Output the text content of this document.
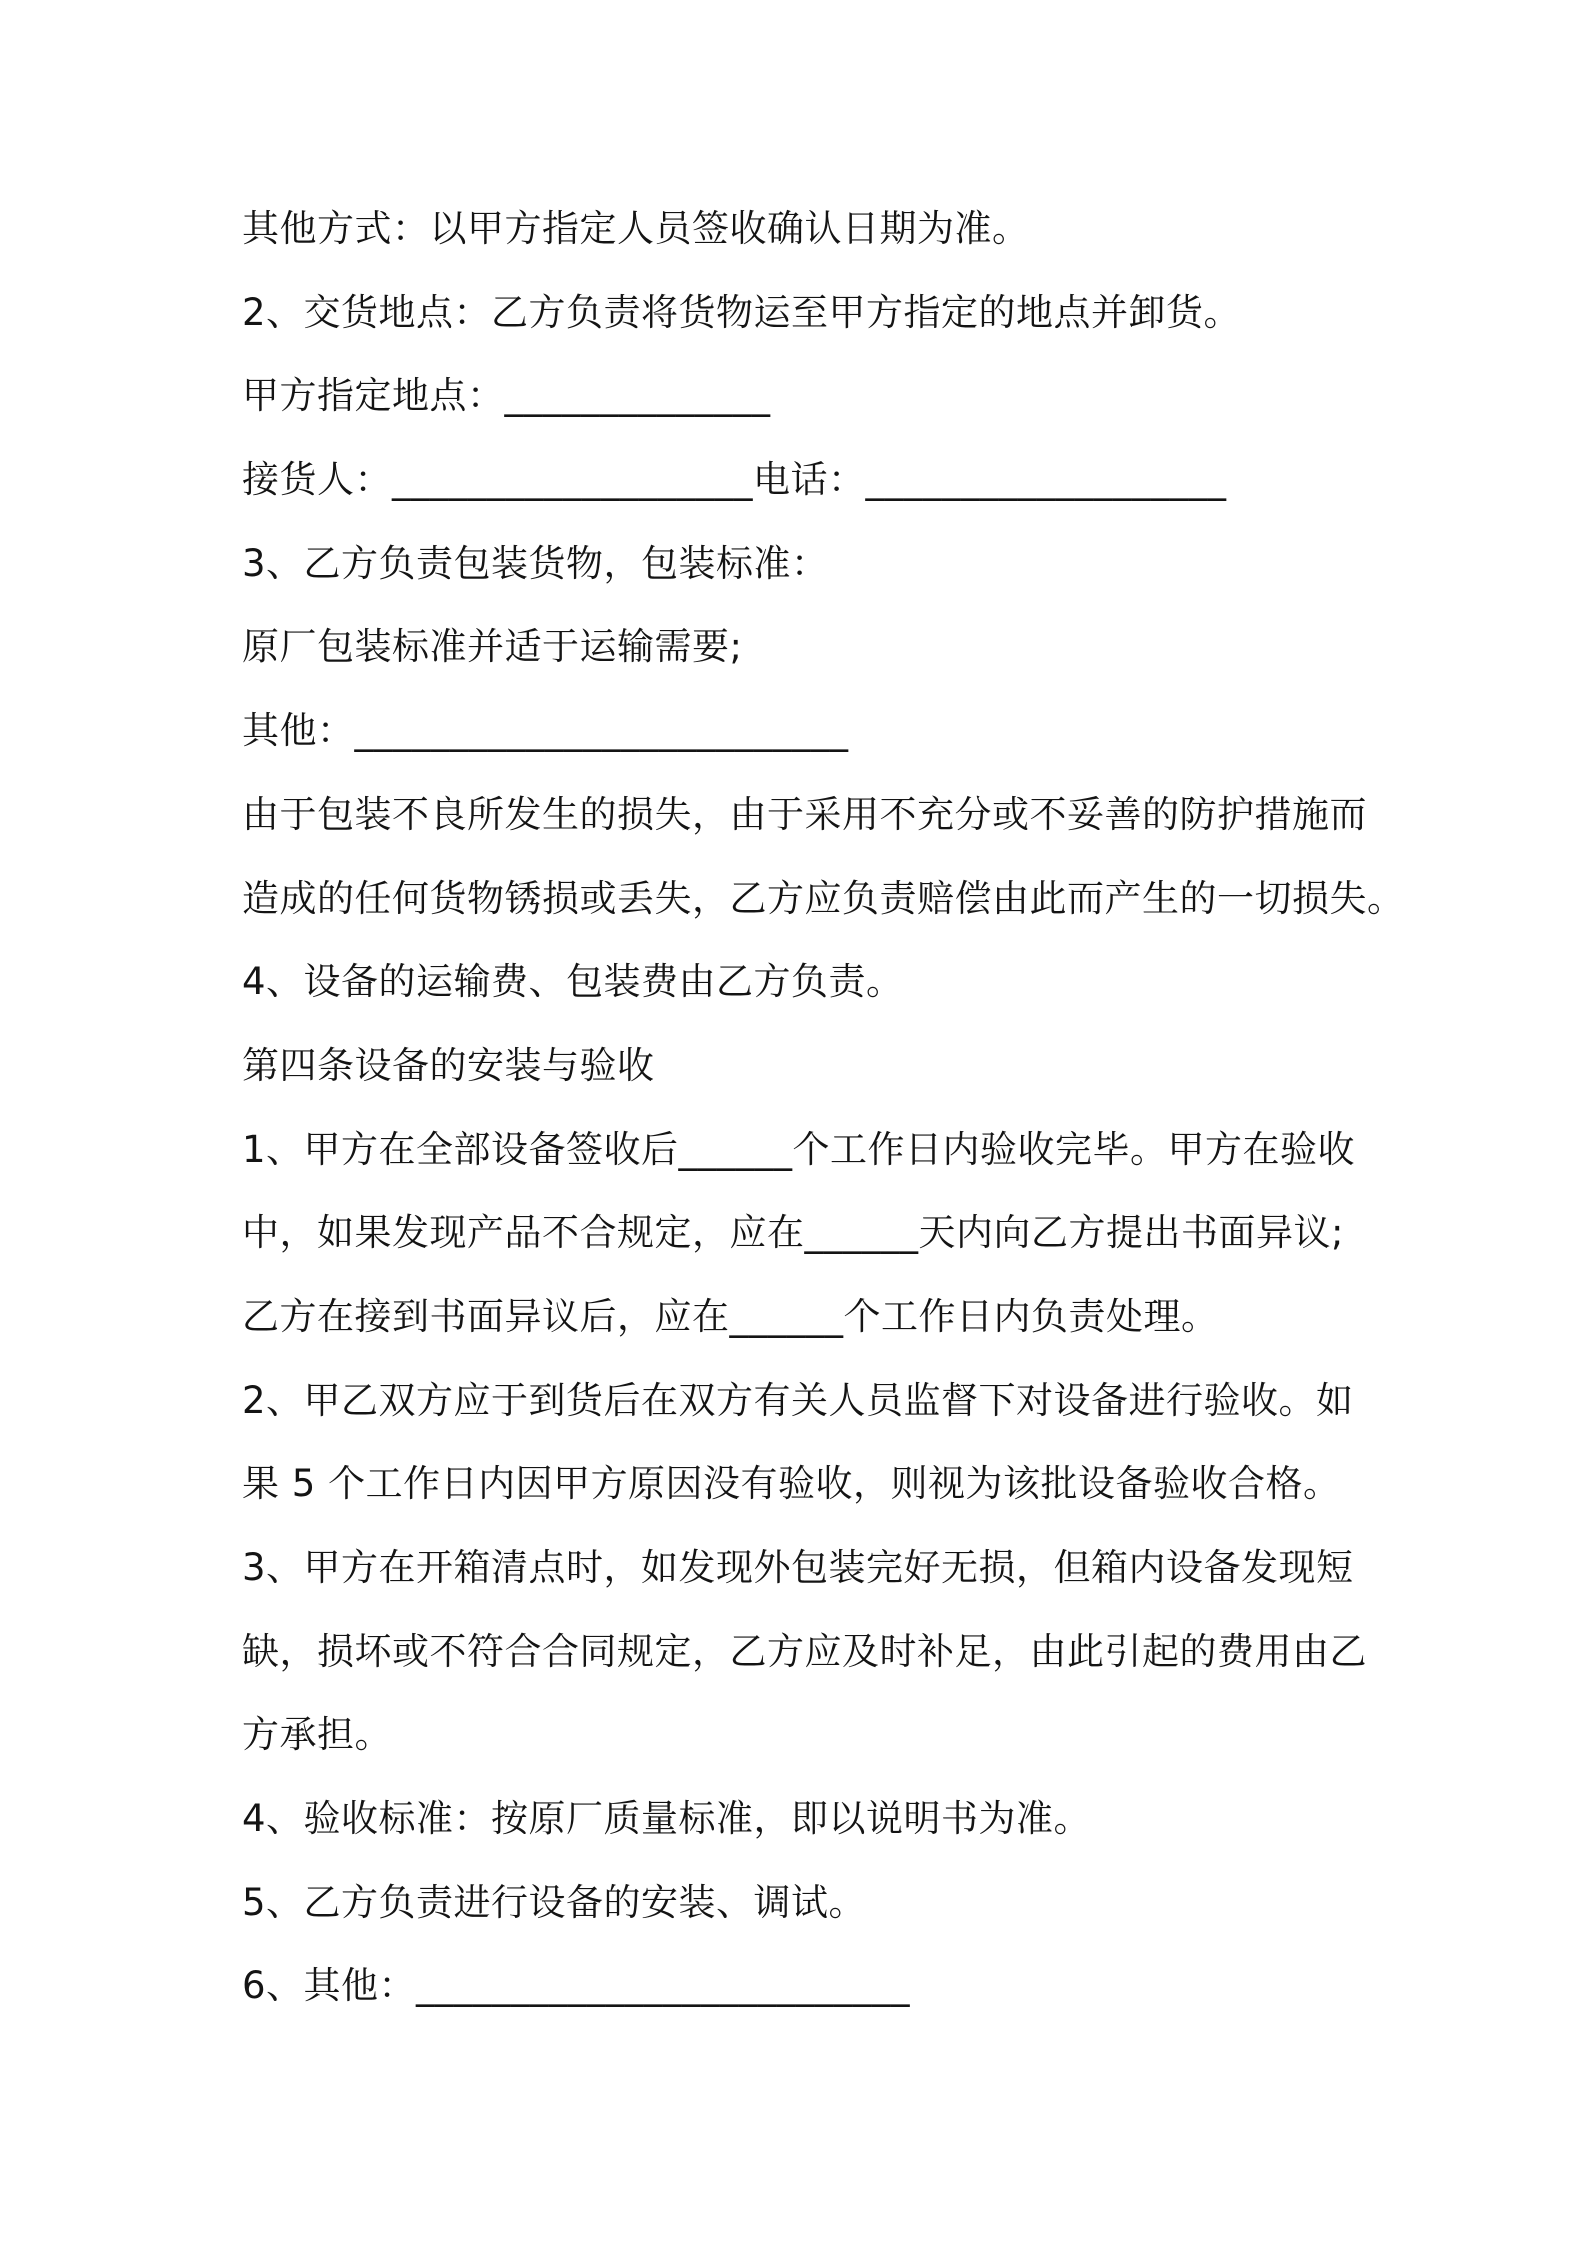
其他方式：以甲方指定人员签收确认日期为准。
2、交货地点：乙方负责将货物运至甲方指定的地点并卸货。
甲方指定地点：______________
接货人：___________________电话：___________________
3、乙方负责包装货物，包装标准：
原厂包装标准并适于运输需要;
其他：__________________________
由于包装不良所发生的损失，由于采用不充分或不妥善的防护措施而
造成的任何货物锈损或丢失，乙方应负责赔偿由此而产生的一切损失。
4、设备的运输费、包装费由乙方负责。
第四条设备的安装与验收
1、甲方在全部设备签收后______个工作日内验收完毕。甲方在验收
中，如果发现产品不合规定，应在______天内向乙方提出书面异议;
乙方在接到书面异议后，应在______个工作日内负责处理。
2、甲乙双方应于到货后在双方有关人员监督下对设备进行验收。如
果 5 个工作日内因甲方原因没有验收，则视为该批设备验收合格。
3、甲方在开箱清点时，如发现外包装完好无损，但箱内设备发现短
缺，损坏或不符合合同规定，乙方应及时补足，由此引起的费用由乙
方承担。
4、验收标准：按原厂质量标准，即以说明书为准。
5、乙方负责进行设备的安装、调试。
6、其他：__________________________
